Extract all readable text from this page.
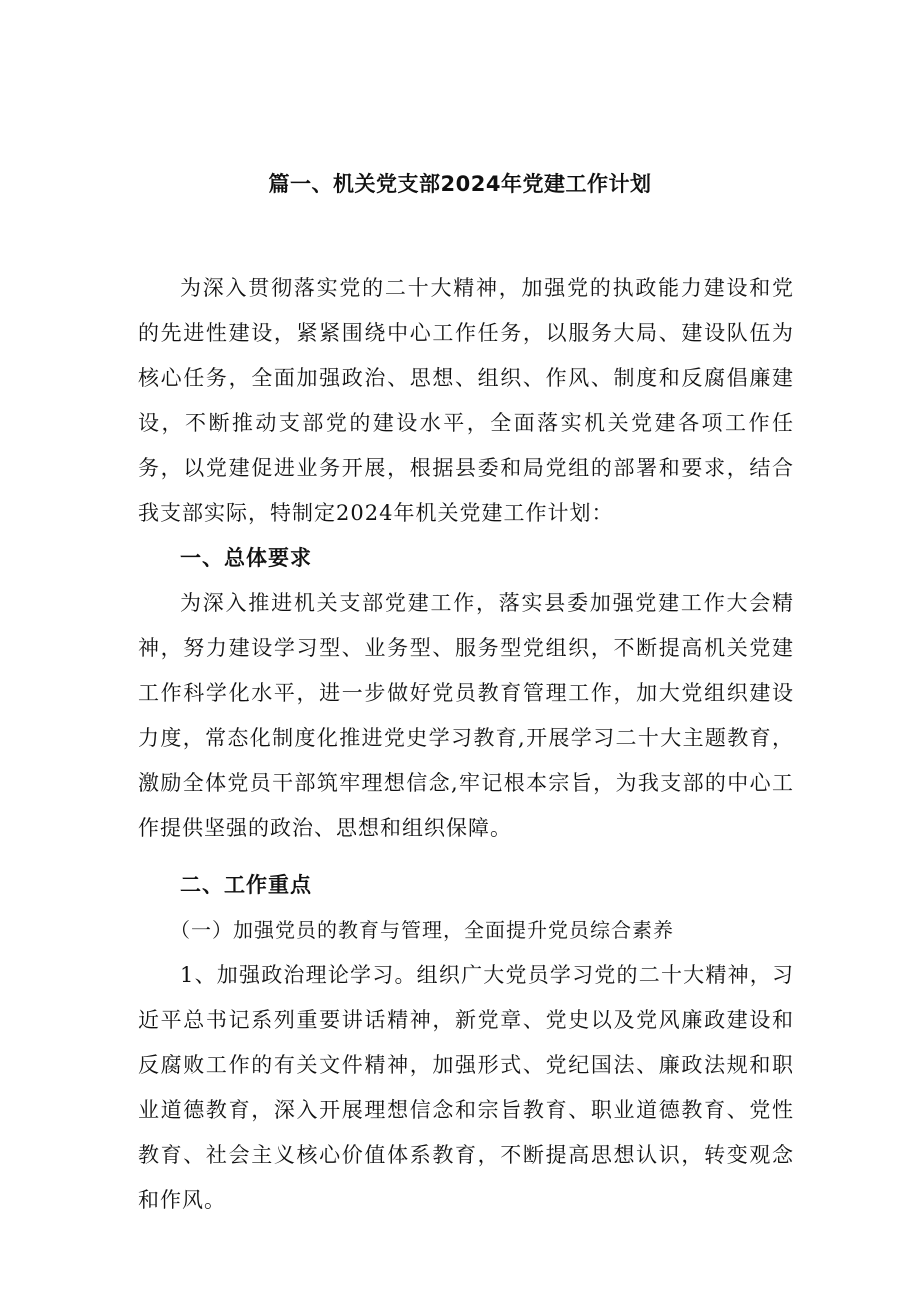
篇一、机关党支部2024年党建工作计划

为深入贯彻落实党的二十大精神，加强党的执政能力建设和党的先进性建设，紧紧围绕中心工作任务，以服务大局、建设队伍为核心任务，全面加强政治、思想、组织、作风、制度和反腐倡廉建设，不断推动支部党的建设水平，全面落实机关党建各项工作任务，以党建促进业务开展，根据县委和局党组的部署和要求，结合我支部实际，特制定2024年机关党建工作计划：

一、总体要求

为深入推进机关支部党建工作，落实县委加强党建工作大会精神，努力建设学习型、业务型、服务型党组织，不断提高机关党建工作科学化水平，进一步做好党员教育管理工作，加大党组织建设力度，常态化制度化推进党史学习教育,开展学习二十大主题教育，激励全体党员干部筑牢理想信念,牢记根本宗旨，为我支部的中心工作提供坚强的政治、思想和组织保障。

二、工作重点

（一）加强党员的教育与管理，全面提升党员综合素养

1、加强政治理论学习。组织广大党员学习党的二十大精神，习近平总书记系列重要讲话精神，新党章、党史以及党风廉政建设和反腐败工作的有关文件精神，加强形式、党纪国法、廉政法规和职业道德教育，深入开展理想信念和宗旨教育、职业道德教育、党性教育、社会主义核心价值体系教育，不断提高思想认识，转变观念和作风。
